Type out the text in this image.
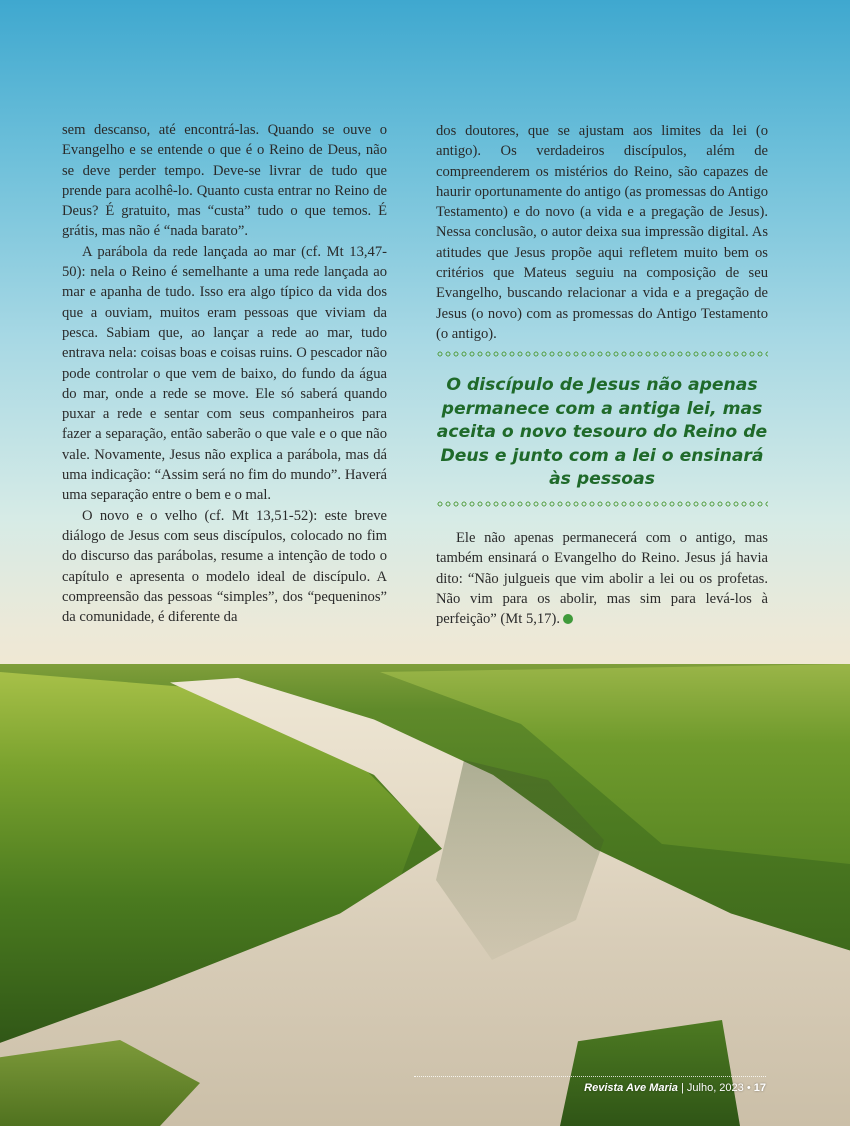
sem descanso, até encontrá-las. Quando se ouve o Evangelho e se entende o que é o Reino de Deus, não se deve perder tempo. Deve-se livrar de tudo que prende para acolhê-lo. Quanto custa entrar no Reino de Deus? É gratuito, mas “custa” tudo o que temos. É grátis, mas não é “nada barato”.

A parábola da rede lançada ao mar (cf. Mt 13,47-50): nela o Reino é semelhante a uma rede lançada ao mar e apanha de tudo. Isso era algo típico da vida dos que a ouviam, muitos eram pessoas que viviam da pesca. Sabiam que, ao lançar a rede ao mar, tudo entrava nela: coisas boas e coisas ruins. O pescador não pode controlar o que vem de baixo, do fundo da água do mar, onde a rede se move. Ele só saberá quando puxar a rede e sentar com seus companheiros para fazer a separação, então saberão o que vale e o que não vale. Novamente, Jesus não explica a parábola, mas dá uma indicação: “Assim será no fim do mundo”. Haverá uma separação entre o bem e o mal.

O novo e o velho (cf. Mt 13,51-52): este breve diálogo de Jesus com seus discípulos, colocado no fim do discurso das parábolas, resume a intenção de todo o capítulo e apresenta o modelo ideal de discípulo. A compreensão das pessoas “simples”, dos “pequeninos” da comunidade, é diferente da

dos doutores, que se ajustam aos limites da lei (o antigo). Os verdadeiros discípulos, além de compreenderem os mistérios do Reino, são capazes de haurir oportunamente do antigo (as promessas do Antigo Testamento) e do novo (a vida e a pregação de Jesus). Nessa conclusão, o autor deixa sua impressão digital. As atitudes que Jesus propõe aqui refletem muito bem os critérios que Mateus seguiu na composição de seu Evangelho, buscando relacionar a vida e a pregação de Jesus (o novo) com as promessas do Antigo Testamento (o antigo).

O discípulo de Jesus não apenas permanece com a antiga lei, mas aceita o novo tesouro do Reino de Deus e junto com a lei o ensinará às pessoas

Ele não apenas permanecerá com o antigo, mas também ensinará o Evangelho do Reino. Jesus já havia dito: “Não julgueis que vim abolir a lei ou os profetas. Não vim para os abolir, mas sim para levá-los à perfeição” (Mt 5,17).

Revista Ave Maria | Julho, 2023 • 17
